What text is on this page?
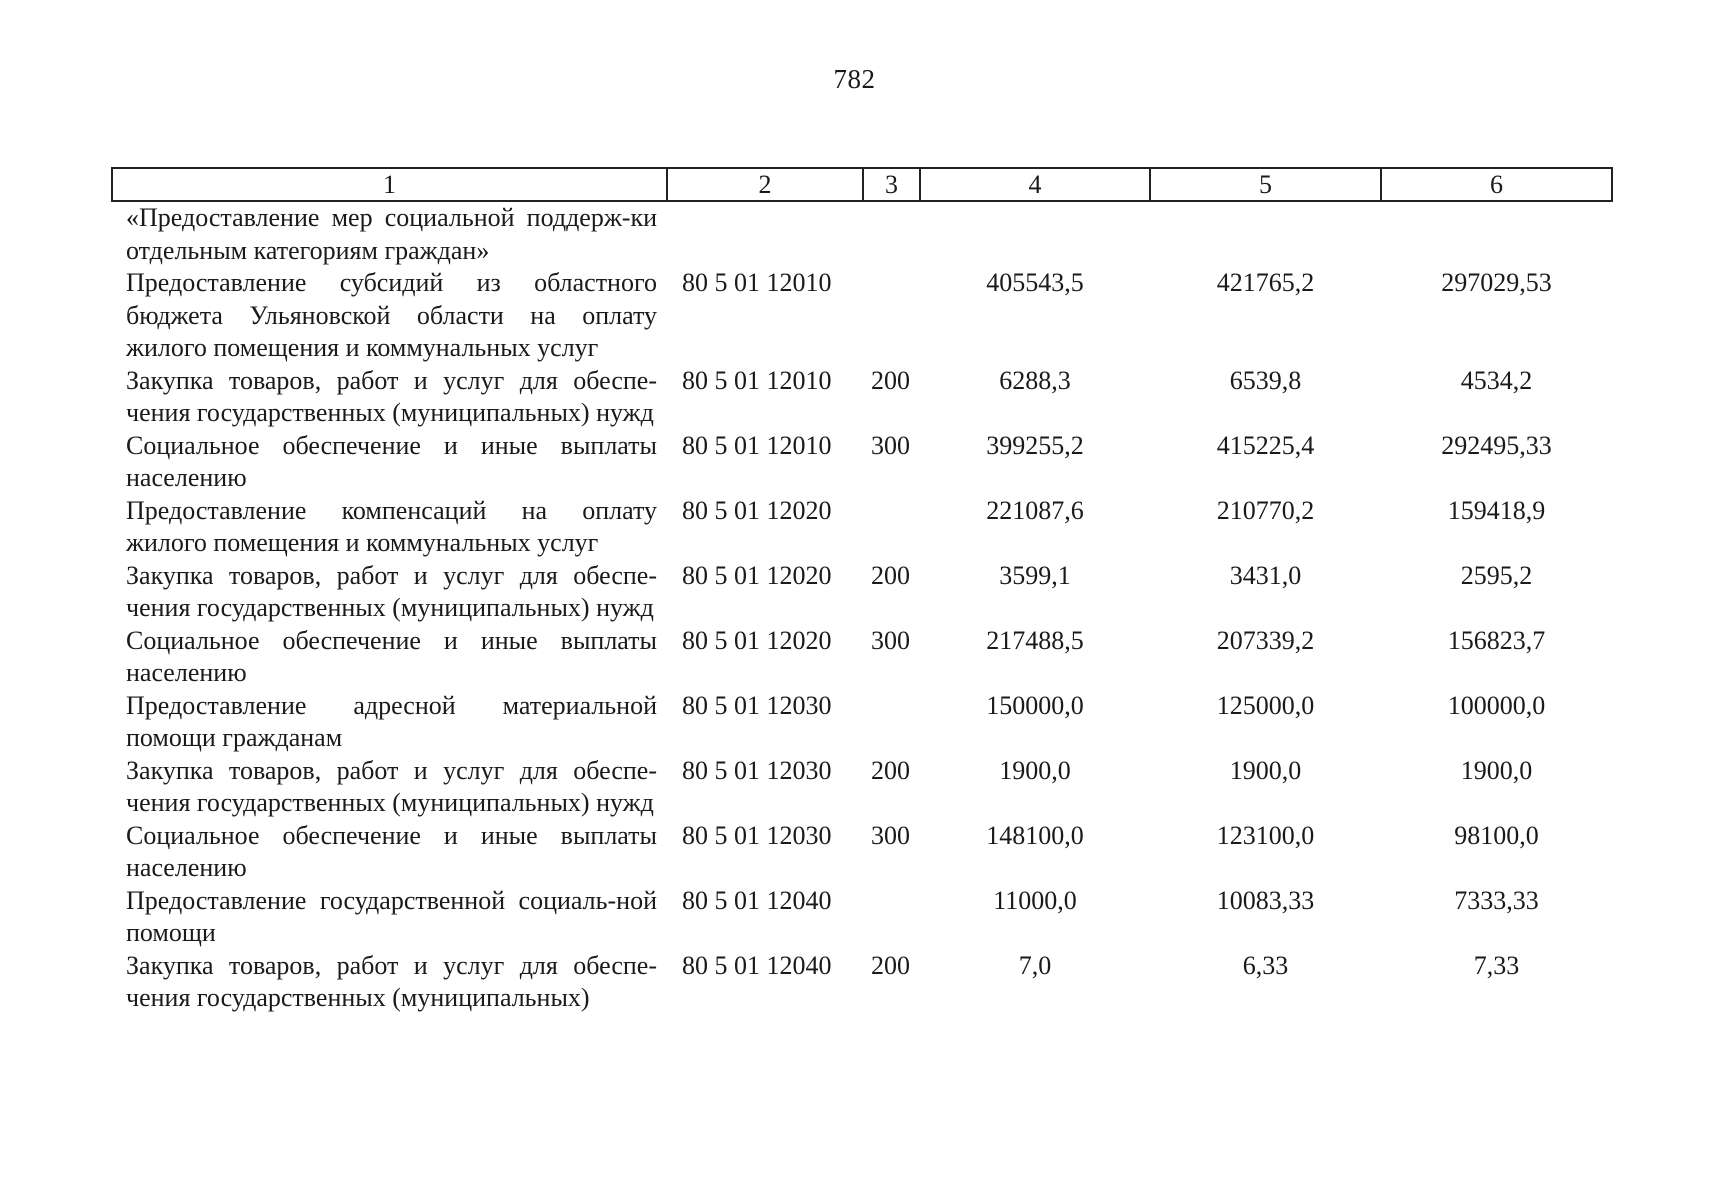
782
1	2	3	4	5	6
«Предоставление мер социальной поддерж-ки отдельным категориям граждан»					
Предоставление субсидий из областного бюджета Ульяновской области на оплату жилого помещения и коммунальных услуг	80 5 01 12010		405543,5	421765,2	297029,53
Закупка товаров, работ и услуг для обеспе-чения государственных (муниципальных) нужд	80 5 01 12010	200	6288,3	6539,8	4534,2
Социальное обеспечение и иные выплаты населению	80 5 01 12010	300	399255,2	415225,4	292495,33
Предоставление компенсаций на оплату жилого помещения и коммунальных услуг	80 5 01 12020		221087,6	210770,2	159418,9
Закупка товаров, работ и услуг для обеспе-чения государственных (муниципальных) нужд	80 5 01 12020	200	3599,1	3431,0	2595,2
Социальное обеспечение и иные выплаты населению	80 5 01 12020	300	217488,5	207339,2	156823,7
Предоставление адресной материальной помощи гражданам	80 5 01 12030		150000,0	125000,0	100000,0
Закупка товаров, работ и услуг для обеспе-чения государственных (муниципальных) нужд	80 5 01 12030	200	1900,0	1900,0	1900,0
Социальное обеспечение и иные выплаты населению	80 5 01 12030	300	148100,0	123100,0	98100,0
Предоставление государственной социаль-ной помощи	80 5 01 12040		11000,0	10083,33	7333,33
Закупка товаров, работ и услуг для обеспе-чения государственных (муниципальных)	80 5 01 12040	200	7,0	6,33	7,33
